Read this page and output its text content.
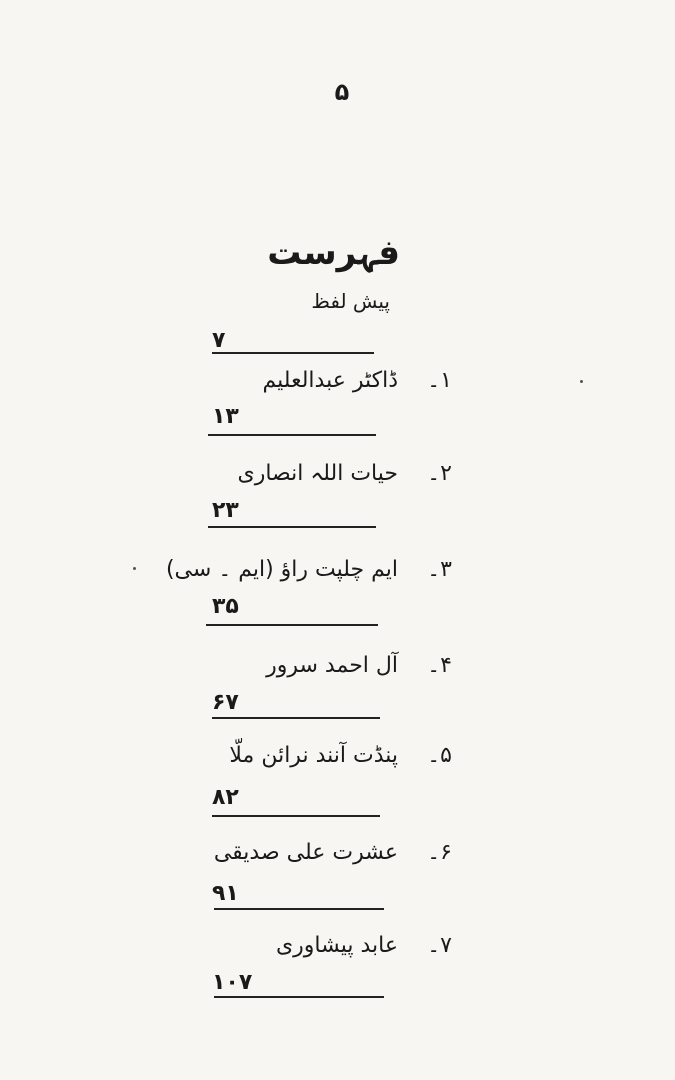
۵
فہرست
پیش لفظ
۷
۱۔
ڈاکٹر عبدالعلیم
۱۳
۲۔
حیات اللہ انصاری
۲۳
۳۔
ایم چلپت راؤ (ایم ۔ سی)
۳۵
۴۔
آل احمد سرور
۶۷
۵۔
پنڈت آنند نرائن ملّا
۸۲
۶۔
عشرت علی صدیقی
۹۱
۷۔
عابد پیشاوری
۱۰۷
